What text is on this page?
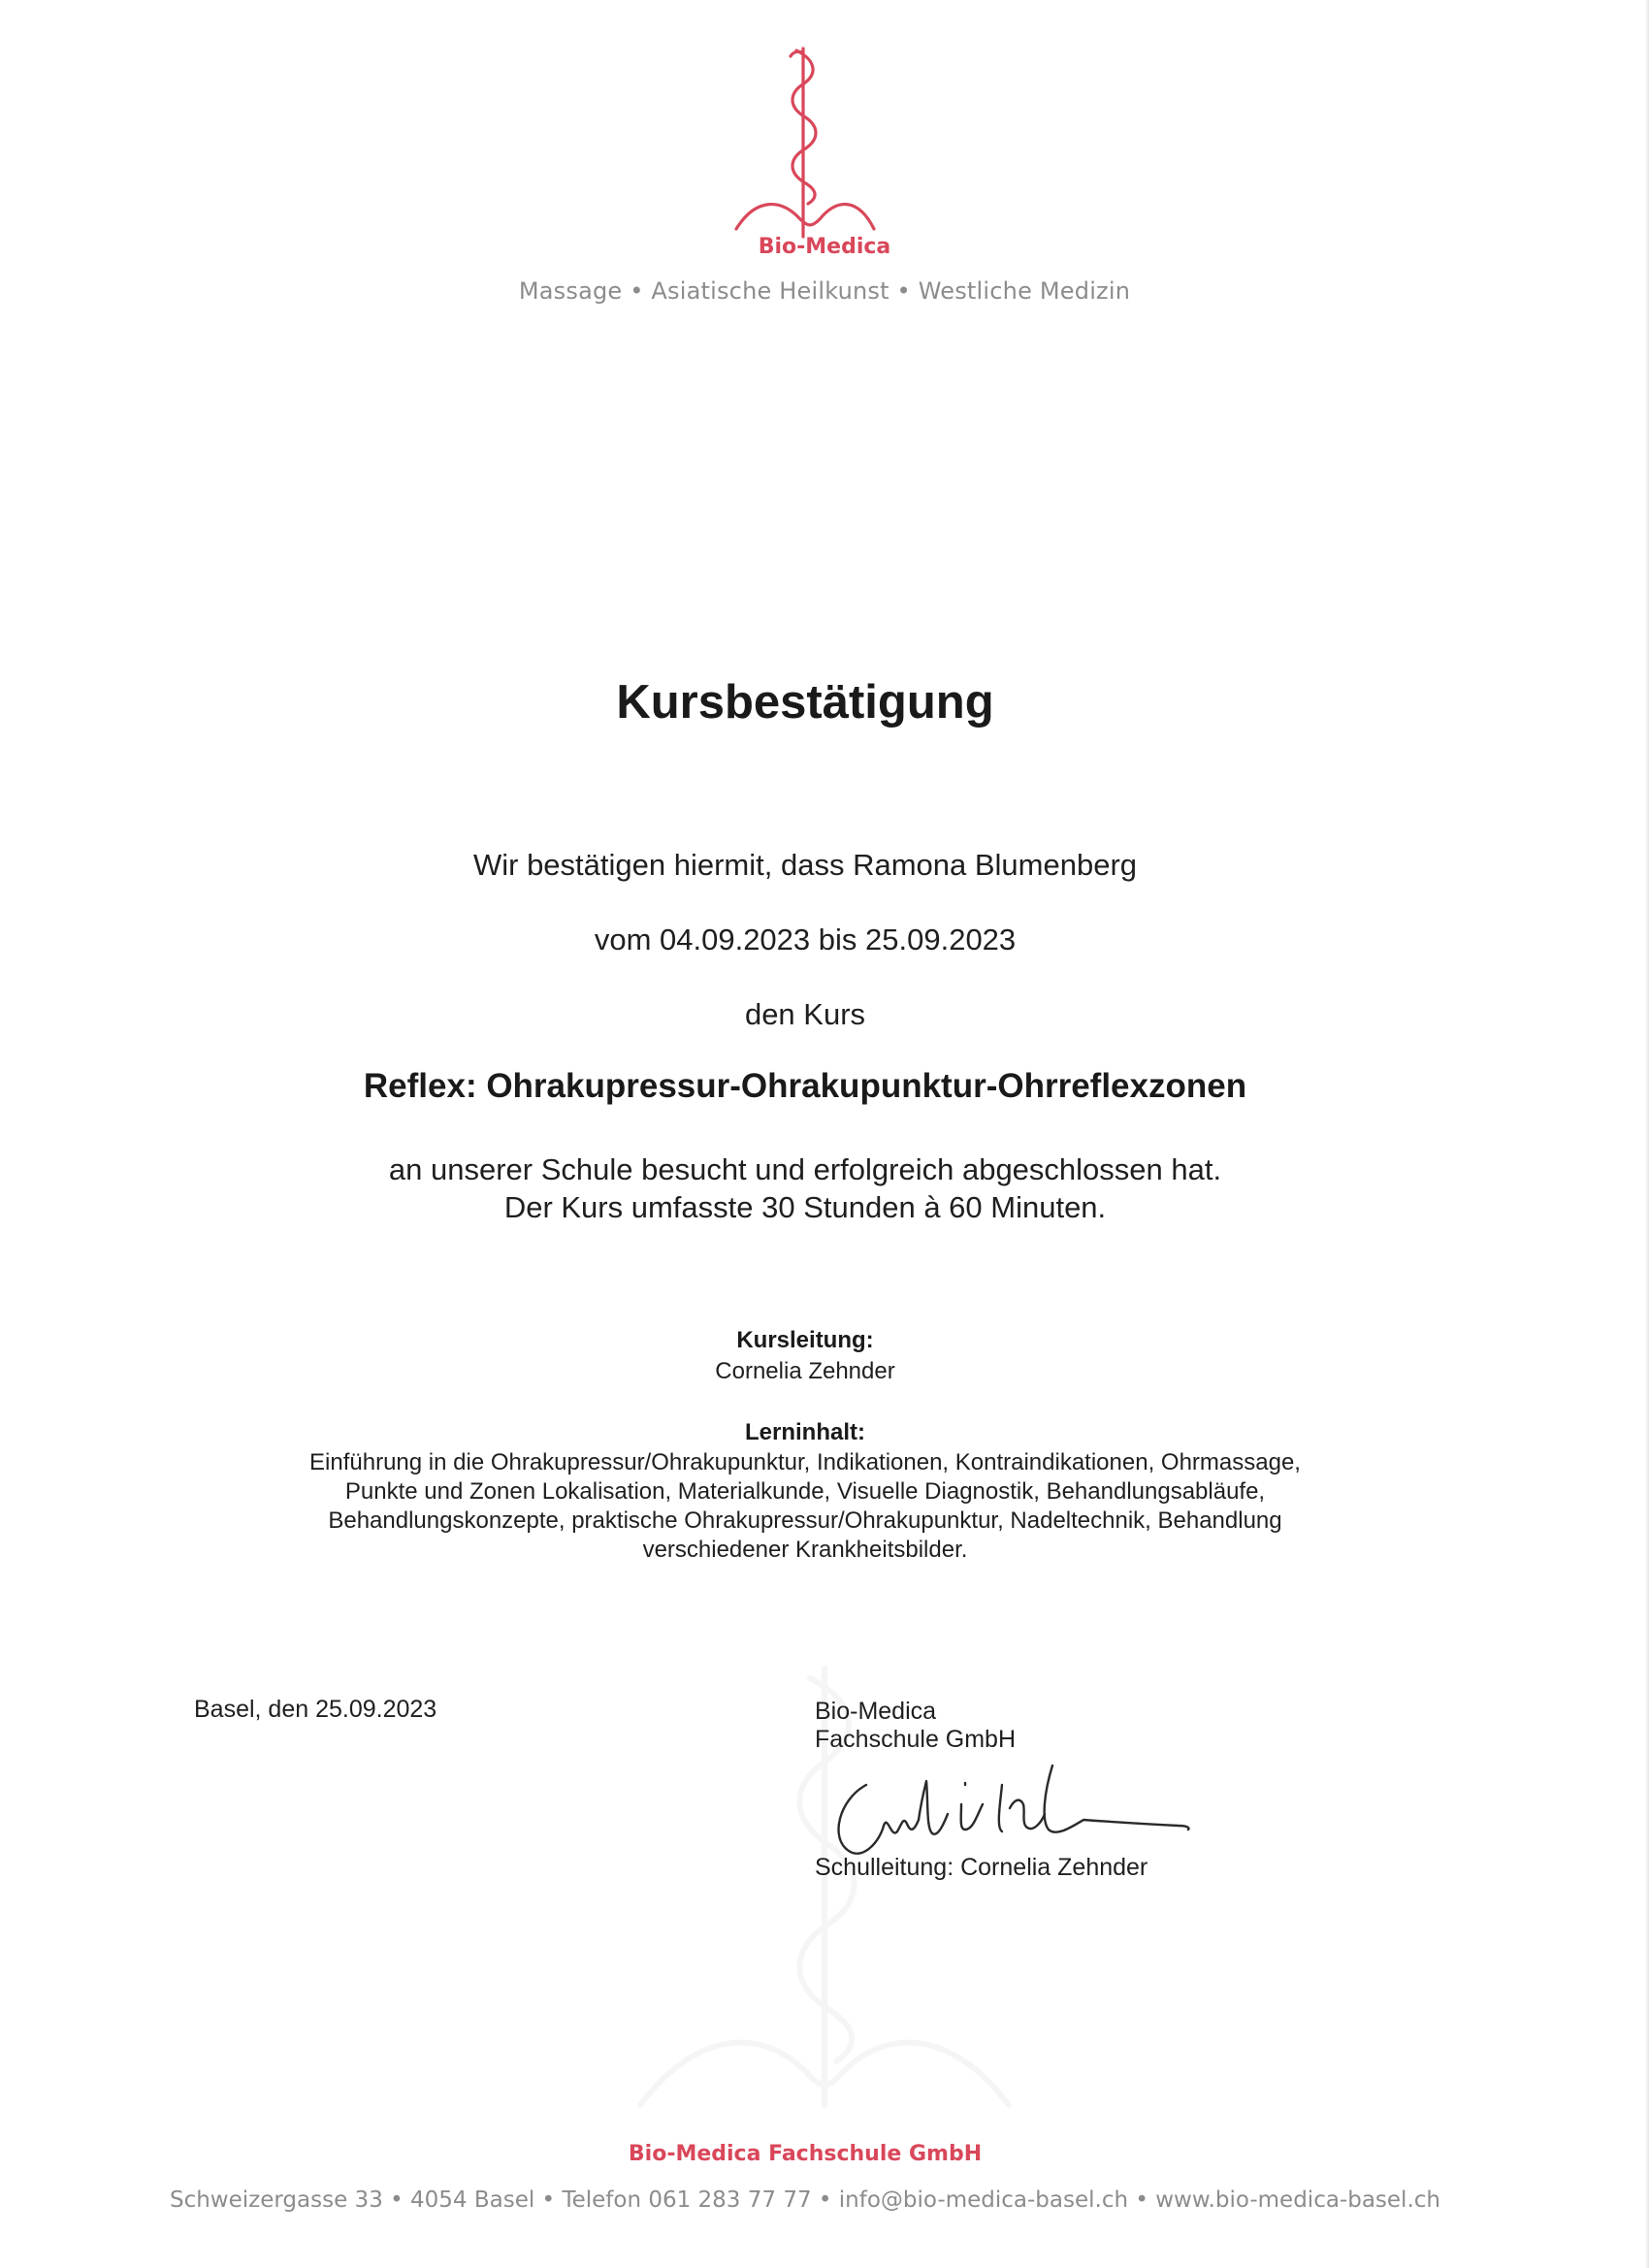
Bio-Medica
Massage • Asiatische Heilkunst • Westliche Medizin
Kursbestätigung
Wir bestätigen hiermit, dass Ramona Blumenberg
vom 04.09.2023 bis 25.09.2023
den Kurs
Reflex: Ohrakupressur-Ohrakupunktur-Ohrreflexzonen
an unserer Schule besucht und erfolgreich abgeschlossen hat.
Der Kurs umfasste 30 Stunden à 60 Minuten.
Kursleitung:
Cornelia Zehnder
Lerninhalt:
Einführung in die Ohrakupressur/Ohrakupunktur, Indikationen, Kontraindikationen, Ohrmassage,
Punkte und Zonen Lokalisation, Materialkunde, Visuelle Diagnostik, Behandlungsabläufe,
Behandlungskonzepte, praktische Ohrakupressur/Ohrakupunktur, Nadeltechnik, Behandlung
verschiedener Krankheitsbilder.
Basel, den 25.09.2023	Bio-Medica
Fachschule GmbH
Schulleitung: Cornelia Zehnder
Bio-Medica Fachschule GmbH
Schweizergasse 33 • 4054 Basel • Telefon 061 283 77 77 • info@bio-medica-basel.ch • www.bio-medica-basel.ch
